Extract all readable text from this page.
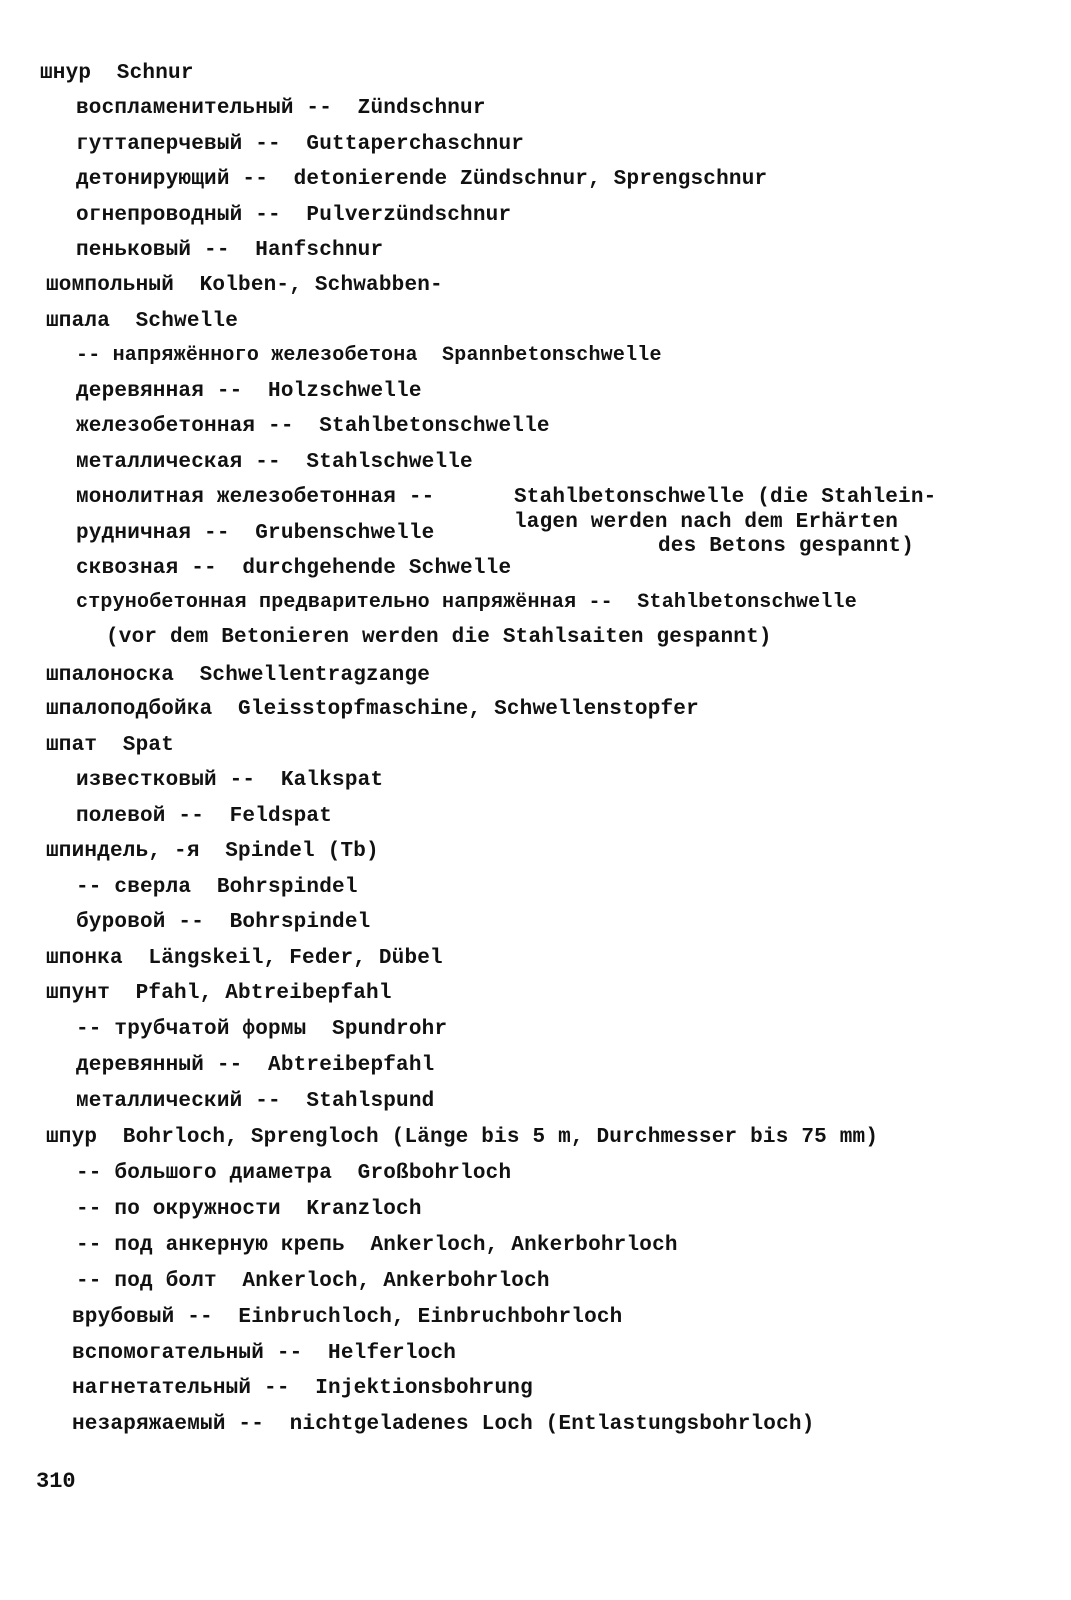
шнур  Schnur
воспламенительный --  Zündschnur
гуттаперчевый --  Guttaperchaschnur
детонирующий --  detonierende Zündschnur, Sprengschnur
огнепроводный --  Pulverzündschnur
пеньковый --  Hanfschnur
шомпольный  Kolben-, Schwabben-
шпала  Schwelle
-- напряжённого железобетона  Spannbetonschwelle
деревянная --  Holzschwelle
железобетонная --  Stahlbetonschwelle
металлическая --  Stahlschwelle
монолитная железобетонная --	Stahlbetonschwelle (die Stahlein-
lagen werden nach dem Erhärten
рудничная --  Grubenschwelle
des Betons gespannt)
сквозная --  durchgehende Schwelle
струнобетонная предварительно напряжённая --  Stahlbetonschwelle
(vor dem Betonieren werden die Stahlsaiten gespannt)
шпалоноска  Schwellentragzange
шпалоподбойка  Gleisstopfmaschine, Schwellenstopfer
шпат  Spat
известковый --  Kalkspat
полевой --  Feldspat
шпиндель, -я  Spindel (Tb)
-- сверла  Bohrspindel
буровой --  Bohrspindel
шпонка  Längskeil, Feder, Dübel
шпунт  Pfahl, Abtreibepfahl
-- трубчатой формы  Spundrohr
деревянный --  Abtreibepfahl
металлический --  Stahlspund
шпур  Bohrloch, Sprengloch (Länge bis 5 m, Durchmesser bis 75 mm)
-- большого диаметра  Großbohrloch
-- по окружности  Kranzloch
-- под анкерную крепь  Ankerloch, Ankerbohrloch
-- под болт  Ankerloch, Ankerbohrloch
врубовый --  Einbruchloch, Einbruchbohrloch
вспомогательный --  Helferloch
нагнетательный --  Injektionsbohrung
незаряжаемый --  nichtgeladenes Loch (Entlastungsbohrloch)
310
